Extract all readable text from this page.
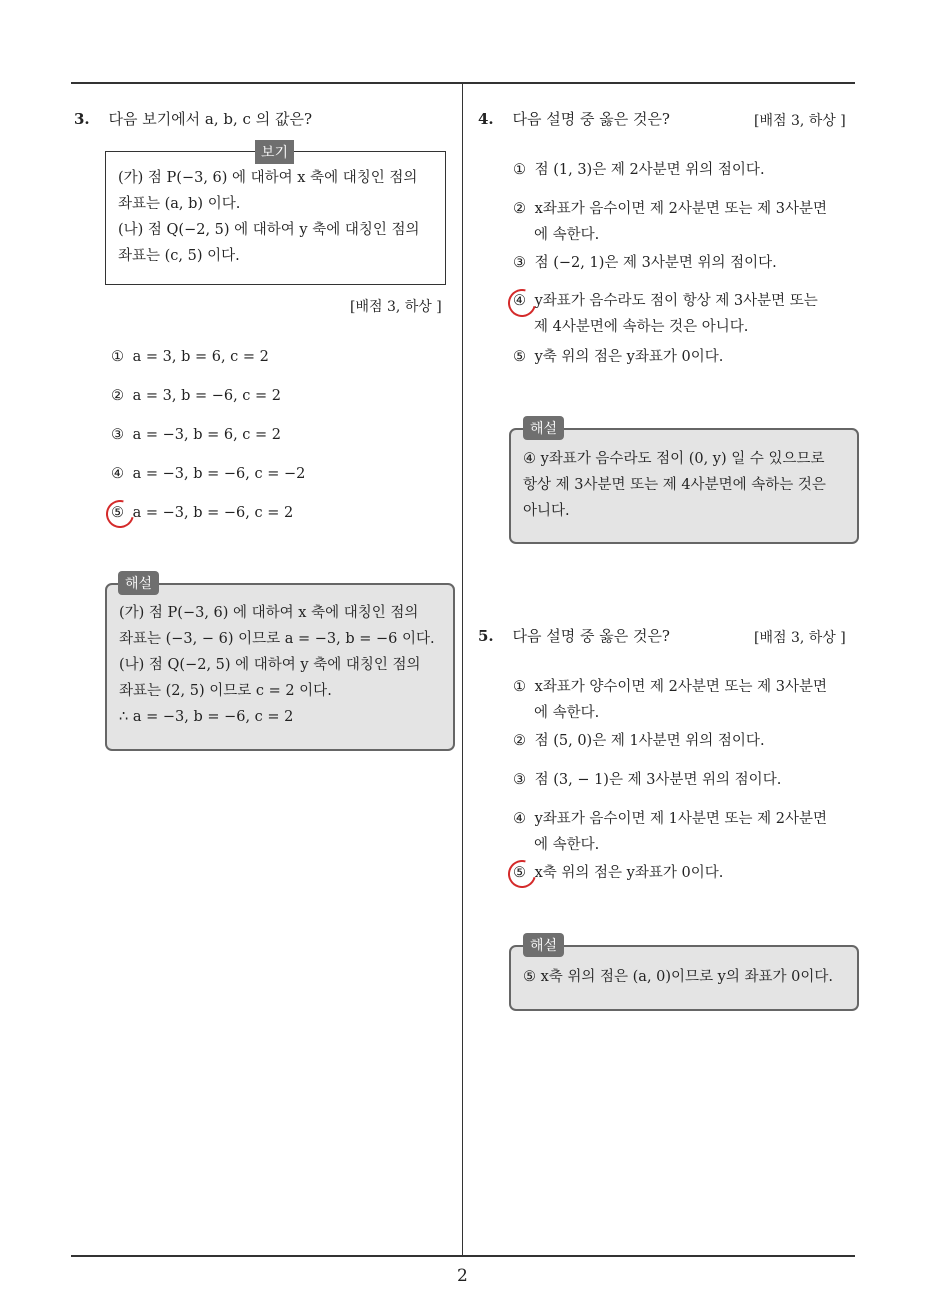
3. 다음 보기에서 a, b, c 의 값은?
(가) 점 P(−3, 6) 에 대하여 x 축에 대칭인 점의
좌표는 (a, b) 이다.
(나) 점 Q(−2, 5) 에 대하여 y 축에 대칭인 점의
좌표는 (c, 5) 이다.
보기
[배점 3, 하상 ]
① a = 3, b = 6, c = 2
② a = 3, b = −6, c = 2
③ a = −3, b = 6, c = 2
④ a = −3, b = −6, c = −2
⑤ a = −3, b = −6, c = 2
(가) 점 P(−3, 6) 에 대하여 x 축에 대칭인 점의
좌표는 (−3, − 6) 이므로 a = −3, b = −6 이다.
(나) 점 Q(−2, 5) 에 대하여 y 축에 대칭인 점의
좌표는 (2, 5) 이므로 c = 2 이다.
∴ a = −3, b = −6, c = 2
해설
4. 다음 설명 중 옳은 것은?	[배점 3, 하상 ]
① 점 (1, 3)은 제 2사분면 위의 점이다.
② x좌표가 음수이면 제 2사분면 또는 제 3사분면
에 속한다.
③ 점 (−2, 1)은 제 3사분면 위의 점이다.
④ y좌표가 음수라도 점이 항상 제 3사분면 또는
제 4사분면에 속하는 것은 아니다.
⑤ y축 위의 점은 y좌표가 0이다.
④ y좌표가 음수라도 점이 (0, y) 일 수 있으므로
항상 제 3사분면 또는 제 4사분면에 속하는 것은
아니다.
해설
5. 다음 설명 중 옳은 것은?	[배점 3, 하상 ]
① x좌표가 양수이면 제 2사분면 또는 제 3사분면
에 속한다.
② 점 (5, 0)은 제 1사분면 위의 점이다.
③ 점 (3, − 1)은 제 3사분면 위의 점이다.
④ y좌표가 음수이면 제 1사분면 또는 제 2사분면
에 속한다.
⑤ x축 위의 점은 y좌표가 0이다.
⑤ x축 위의 점은 (a, 0)이므로 y의 좌표가 0이다.
해설
2
